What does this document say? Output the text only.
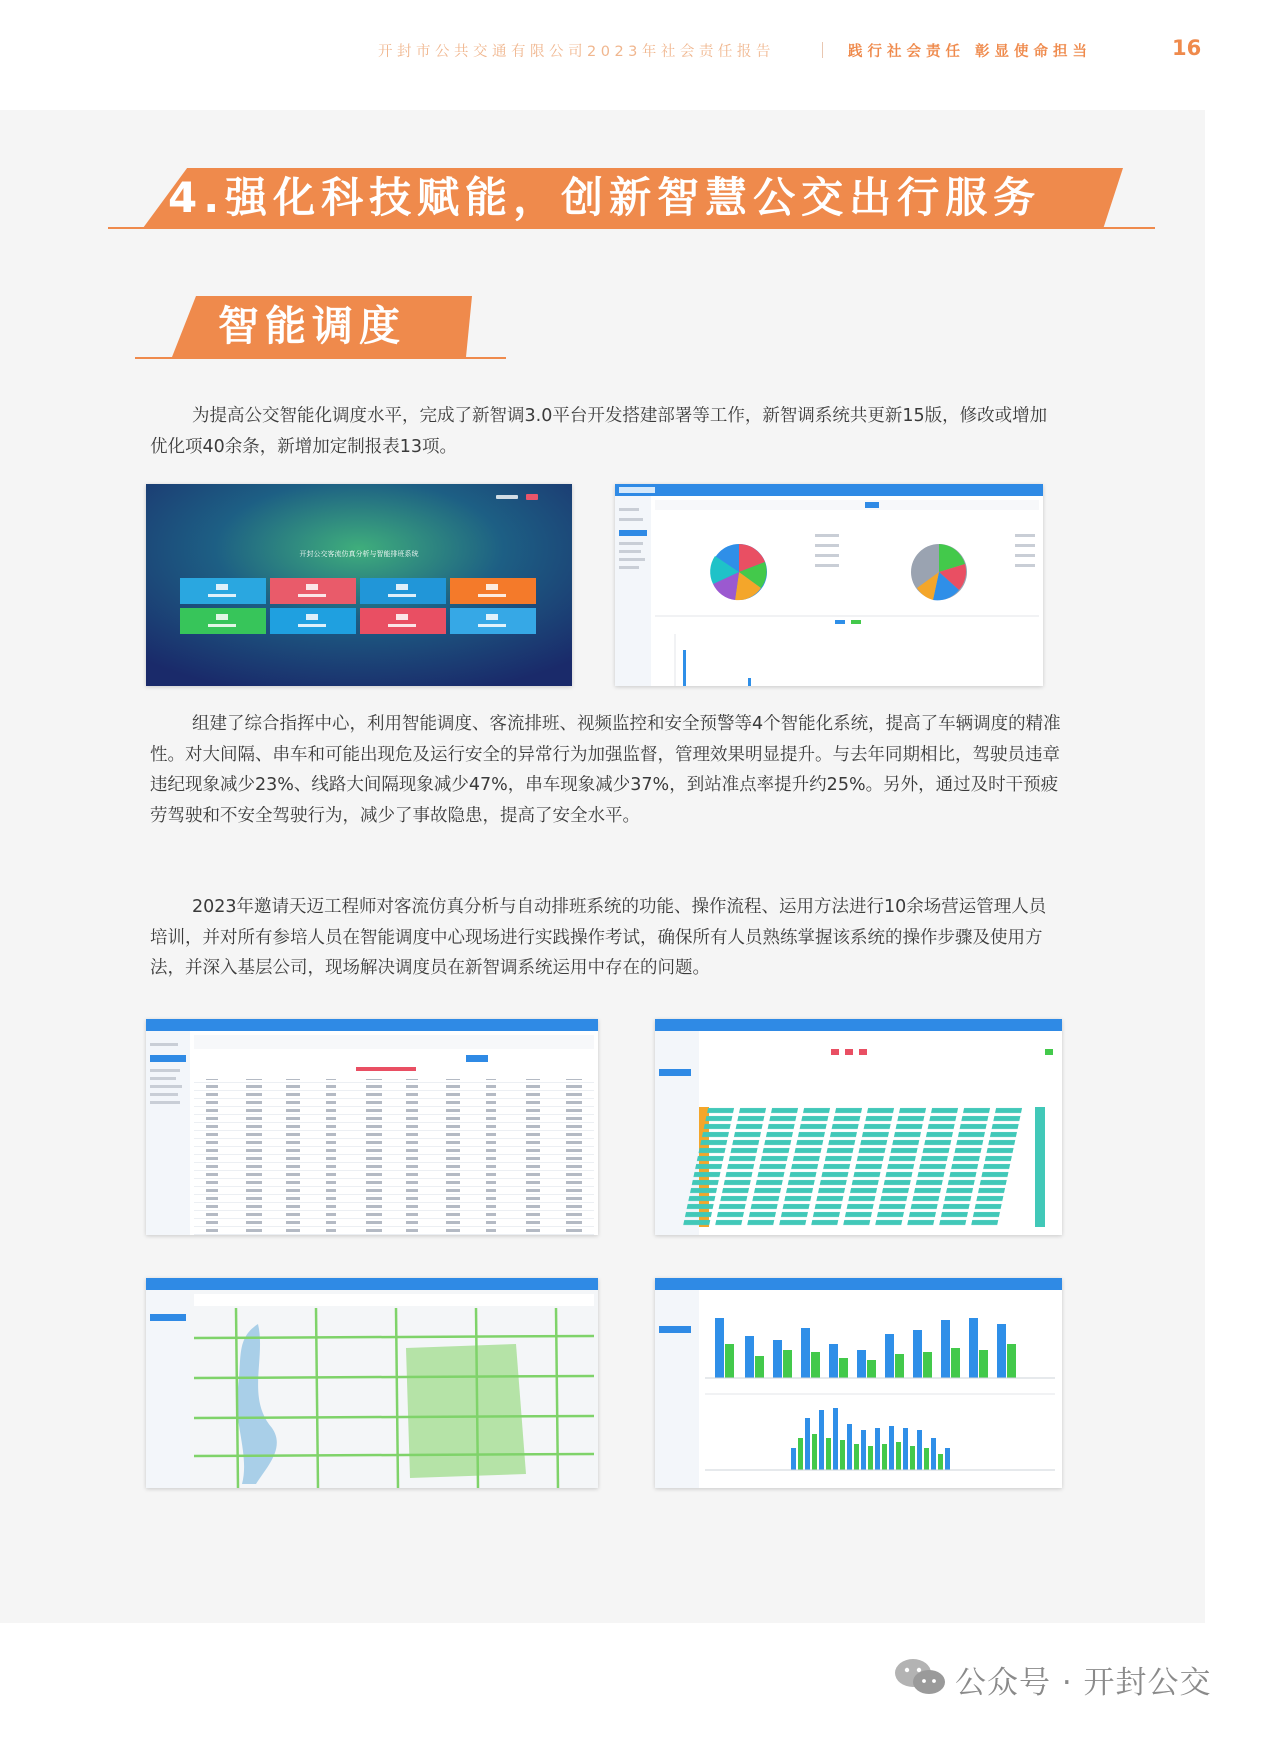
开封市公共交通有限公司2023年社会责任报告	践行社会责任 彰显使命担当	16
4.强化科技赋能，创新智慧公交出行服务
智能调度

为提高公交智能化调度水平，完成了新智调3.0平台开发搭建部署等工作，新智调系统共更新15版，修改或增加优化项40余条，新增加定制报表13项。

开封公交客流仿真分析与智能排班系统

组建了综合指挥中心，利用智能调度、客流排班、视频监控和安全预警等4个智能化系统，提高了车辆调度的精准性。对大间隔、串车和可能出现危及运行安全的异常行为加强监督，管理效果明显提升。与去年同期相比，驾驶员违章违纪现象减少23%、线路大间隔现象减少47%，串车现象减少37%，到站准点率提升约25%。另外，通过及时干预疲劳驾驶和不安全驾驶行为，减少了事故隐患，提高了安全水平。

2023年邀请天迈工程师对客流仿真分析与自动排班系统的功能、操作流程、运用方法进行10余场营运管理人员培训，并对所有参培人员在智能调度中心现场进行实践操作考试，确保所有人员熟练掌握该系统的操作步骤及使用方法，并深入基层公司，现场解决调度员在新智调系统运用中存在的问题。

公众号 · 开封公交
